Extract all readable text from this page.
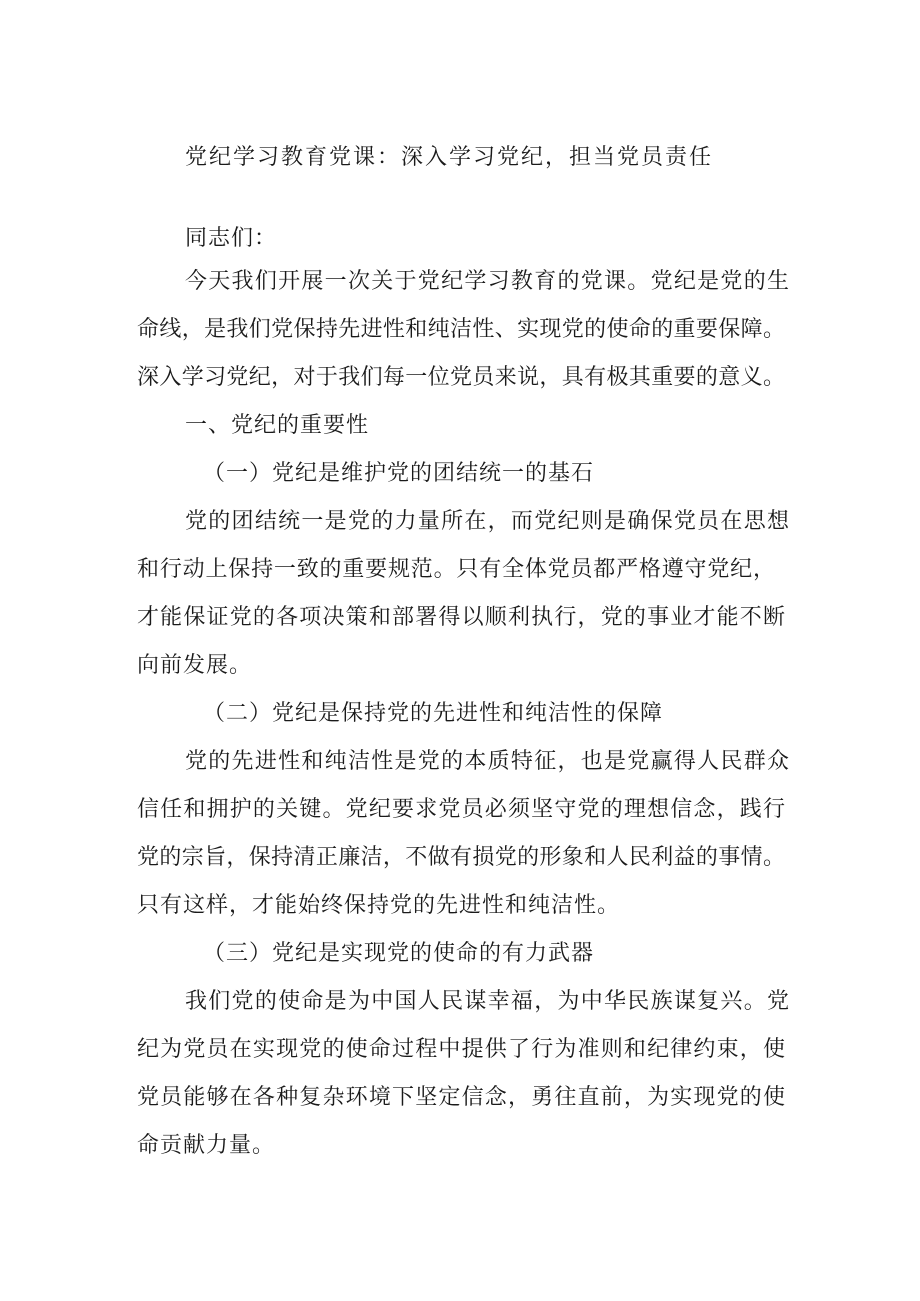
党纪学习教育党课：深入学习党纪，担当党员责任
同志们：
今天我们开展一次关于党纪学习教育的党课。党纪是党的生
命线，是我们党保持先进性和纯洁性、实现党的使命的重要保障。
深入学习党纪，对于我们每一位党员来说，具有极其重要的意义。
一、党纪的重要性
（一）党纪是维护党的团结统一的基石
党的团结统一是党的力量所在，而党纪则是确保党员在思想
和行动上保持一致的重要规范。只有全体党员都严格遵守党纪，
才能保证党的各项决策和部署得以顺利执行，党的事业才能不断
向前发展。
（二）党纪是保持党的先进性和纯洁性的保障
党的先进性和纯洁性是党的本质特征，也是党赢得人民群众
信任和拥护的关键。党纪要求党员必须坚守党的理想信念，践行
党的宗旨，保持清正廉洁，不做有损党的形象和人民利益的事情。
只有这样，才能始终保持党的先进性和纯洁性。
（三）党纪是实现党的使命的有力武器
我们党的使命是为中国人民谋幸福，为中华民族谋复兴。党
纪为党员在实现党的使命过程中提供了行为准则和纪律约束，使
党员能够在各种复杂环境下坚定信念，勇往直前，为实现党的使
命贡献力量。
